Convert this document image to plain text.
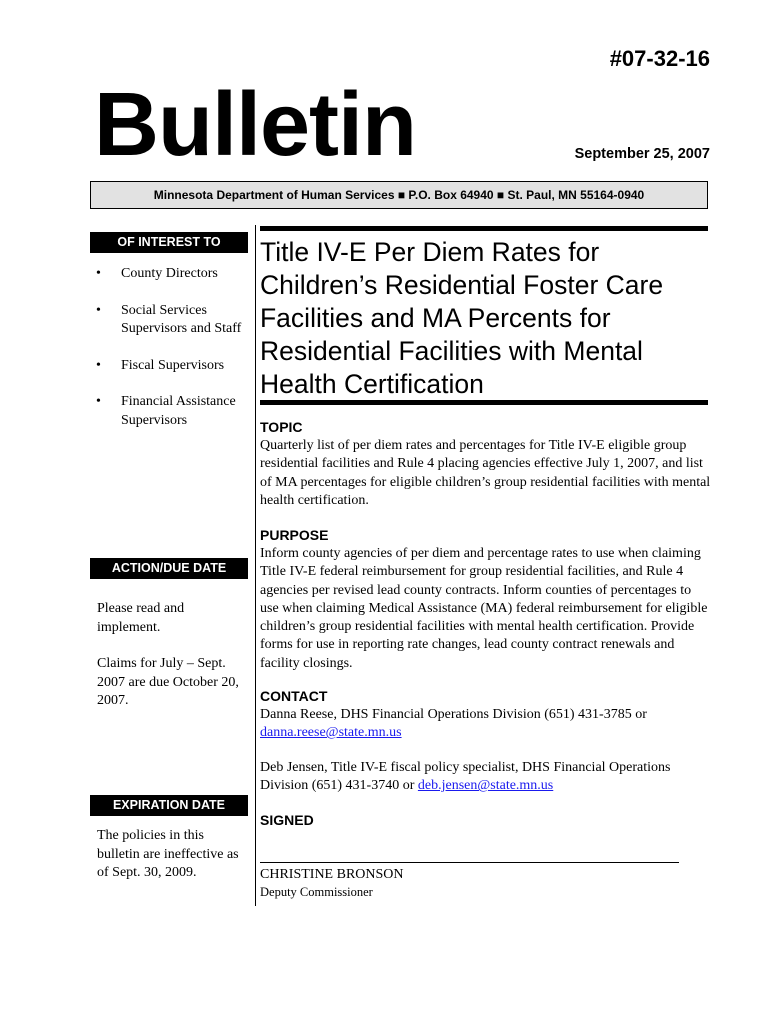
#07-32-16
Bulletin	September 25, 2007
Minnesota Department of Human Services ■ P.O. Box 64940 ■ St. Paul, MN 55164-0940
OF INTEREST TO
• County Directors
• Social Services Supervisors and Staff
• Fiscal Supervisors
• Financial Assistance Supervisors
ACTION/DUE DATE
Please read and implement.
Claims for July – Sept. 2007 are due October 20, 2007.
EXPIRATION DATE
The policies in this bulletin are ineffective as of Sept. 30, 2009.
Title IV-E Per Diem Rates for Children’s Residential Foster Care Facilities and MA Percents for Residential Facilities with Mental Health Certification
TOPIC
Quarterly list of per diem rates and percentages for Title IV-E eligible group residential facilities and Rule 4 placing agencies effective July 1, 2007, and list of MA percentages for eligible children’s group residential facilities with mental health certification.
PURPOSE
Inform county agencies of per diem and percentage rates to use when claiming Title IV-E federal reimbursement for group residential facilities, and Rule 4 agencies per revised lead county contracts. Inform counties of percentages to use when claiming Medical Assistance (MA) federal reimbursement for eligible children’s group residential facilities with mental health certification. Provide forms for use in reporting rate changes, lead county contract renewals and facility closings.
CONTACT
Danna Reese, DHS Financial Operations Division (651) 431-3785 or
danna.reese@state.mn.us
Deb Jensen, Title IV-E fiscal policy specialist, DHS Financial Operations Division (651) 431-3740 or deb.jensen@state.mn.us
SIGNED
CHRISTINE BRONSON
Deputy Commissioner
